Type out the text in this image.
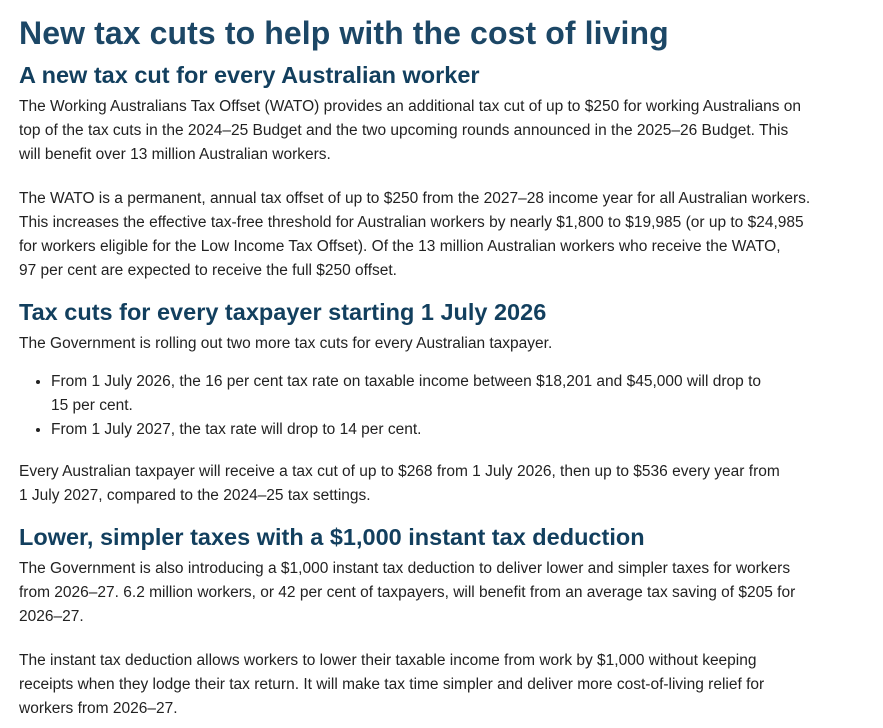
New tax cuts to help with the cost of living
A new tax cut for every Australian worker

The Working Australians Tax Offset (WATO) provides an additional tax cut of up to $250 for working Australians on
top of the tax cuts in the 2024–25 Budget and the two upcoming rounds announced in the 2025–26 Budget. This
will benefit over 13 million Australian workers.

The WATO is a permanent, annual tax offset of up to $250 from the 2027–28 income year for all Australian workers.
This increases the effective tax-free threshold for Australian workers by nearly $1,800 to $19,985 (or up to $24,985
for workers eligible for the Low Income Tax Offset). Of the 13 million Australian workers who receive the WATO,
97 per cent are expected to receive the full $250 offset.

Tax cuts for every taxpayer starting 1 July 2026

The Government is rolling out two more tax cuts for every Australian taxpayer.

• From 1 July 2026, the 16 per cent tax rate on taxable income between $18,201 and $45,000 will drop to
15 per cent.
• From 1 July 2027, the tax rate will drop to 14 per cent.

Every Australian taxpayer will receive a tax cut of up to $268 from 1 July 2026, then up to $536 every year from
1 July 2027, compared to the 2024–25 tax settings.

Lower, simpler taxes with a $1,000 instant tax deduction

The Government is also introducing a $1,000 instant tax deduction to deliver lower and simpler taxes for workers
from 2026–27. 6.2 million workers, or 42 per cent of taxpayers, will benefit from an average tax saving of $205 for
2026–27.

The instant tax deduction allows workers to lower their taxable income from work by $1,000 without keeping
receipts when they lodge their tax return. It will make tax time simpler and deliver more cost-of-living relief for
workers from 2026–27.
